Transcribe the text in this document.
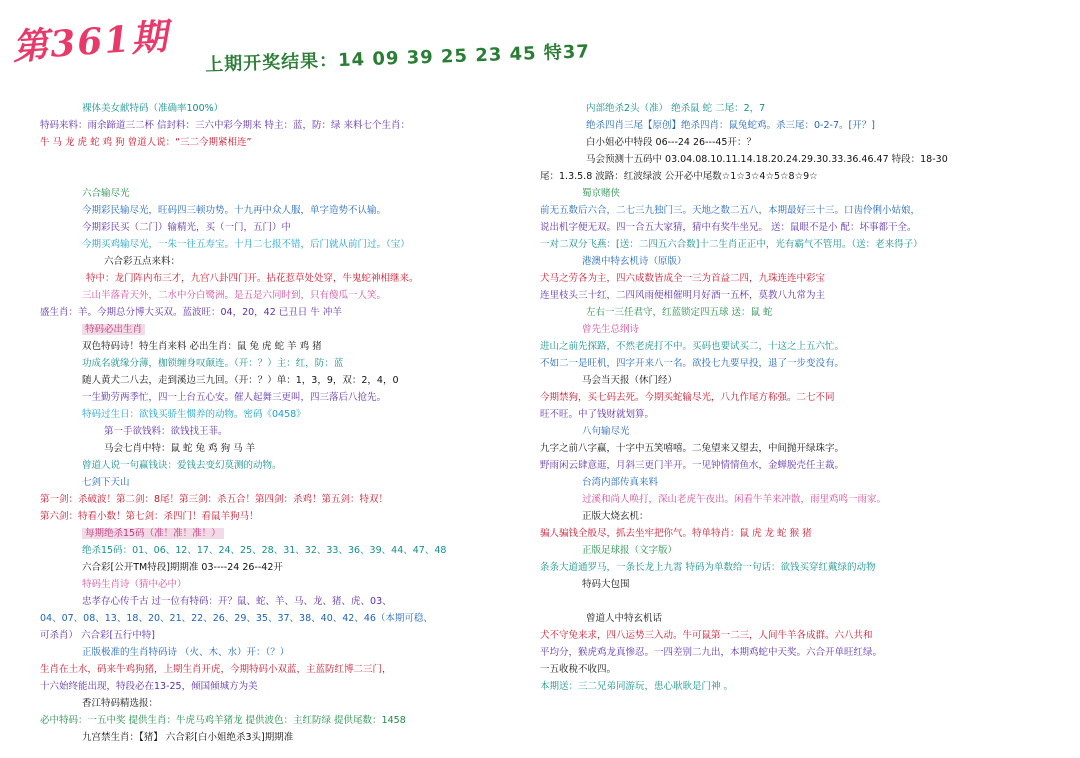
第361期 上期开奖结果：14 09 39 25 23 45 特37
裸体美女献特码（准确率100%）
特码来料：雨余蹄道三二杯 信封料：三六中彩今期来 特主：蓝，防：绿 来料七个生肖：
牛 马 龙 虎 蛇 鸡 狗 曾道人说：“三二今期紧相连”
六合输尽光
今期彩民输尽光，旺码四三顿功势。十九再中众人服，单字造势不认输。
今期彩民买（二门）输精光，买（一门，五门）中
今期买鸡输尽光，一朱一往五寿宝。十月二七报不错，后门就从前门过。（宝）
六合彩五点来料：
特中：龙门阵内布三才，九宫八卦四门开。拈花惹草处处穿，牛鬼蛇神相继来。
三山半落青天外，二水中分白鹭洲。是五是六同时到，只有傻瓜一人笑。
盛生肖：羊。今期总分博大买双。蓝波旺：04，20，42 已丑日 牛 冲羊
特码必出生肖
双色特码诗！特生肖来料 必出生肖：鼠 兔 虎 蛇 羊 鸡 猪
功成名就缘分薄，枷锁缠身叹颠连。（开：？）主：红，防：蓝
随人黄犬二八去，走到溪边三九回。（开：？）单：1，3，9，双：2，4，0
一生勤劳两季忙，四一上台五心安。催人起舞三更叫，四三落后八抢先。
特码过生日：欲钱买骄生惯养的动物。密码《0458》
第一手欲钱料：欲钱找王菲。
马会七肖中特：鼠 蛇 兔 鸡 狗 马 羊
曾道人说一句赢钱诀：爱钱去变幻莫测的动物。
七剑下天山
第一剑：杀破波！第二剑：8尾！第三剑：杀五合！第四剑：杀鸡！第五剑：特双！
第六剑：特看小数！第七剑：杀四门！看鼠羊狗马！
每期绝杀15码（准！准！准！）
绝杀15码：01、06、12、17、24、25、28、31、32、33、36、39、44、47、48
六合彩[公开TM特段]期期准 03----24 26--42开
特码生肖诗（猜中必中）
忠孝存心传千古 过一位有特码：开？鼠、蛇、羊、马、龙、猪、虎、03、
04、07、08、13、18、20、21、22、26、29、35、37、38、40、42、46（本期可稳、
可杀肖） 六合彩[五行中特]
正版极准的生肖特码诗 （火、木、水）开：（？）
生肖在土水，码来牛鸡狗猪，上期生肖开虎，今期特码小双蓝，主蓝防红博二三门，
十六始终能出现，特段必在13-25，倾国倾城方为美
香江特码精选报：
必中特码：一五中奖 提供生肖：牛虎马鸡羊猪龙 提供波色：主红防绿 提供尾数：1458
九宫禁生肖：【猪】 六合彩[白小姐绝杀3头]期期准
内部绝杀2头（准） 绝杀鼠 蛇 二尾：2，7
绝杀四肖三尾【原创】绝杀四肖：鼠兔蛇鸡。杀三尾：0-2-7。[开？]
白小姐必中特段 06---24 26---45开：？
马会预测十五码中 03.04.08.10.11.14.18.20.24.29.30.33.36.46.47 特段：18-30
尾：1.3.5.8 波路：红波绿波 公开必中尾数☆1☆3☆4☆5☆8☆9☆
蜀京赌侠
前无五数后六合，二七三九独门三。天地之数二五八，本期最好三十三。口齿伶俐小姑娘，
说出机字便无双。四一合五大家猜，猜中有奖牛坐兄。 送：鼠眼不是小 配：坏事都干全。
一对二双分飞燕：[送：二四五六合数]十二生肖正正中，光有霸气不管用。（送：老来得子）
港澳中特玄机诗（原版）
犬马之劳各为主，四六成数皆成全一三为首益二四，九珠连连中彩宝
连里枝头三十红，二四风雨便相催明月好酒一五杯，莫教八九常为主
左右一三任君守，红蓝锁定四五球 送：鼠 蛇
曾先生总纲诗
进山之前先探路，不然老虎打不中。买码也要试买二，十这之上五六忙。
不如二一是旺机，四字开来八一名。欲投七九要早投，退了一步变没有。
马会当天报（休门经）
今期禁狗，买七码去死。今期买蛇输尽光，八九作尾方称强。二七不同
旺不旺。中了钱财就划算。
八句输尽光
九字之前八字赢，十字中五笑嘻嘻。二兔望来又望去，中间抛开绿珠字。
野雨闲云肆意逛，月斜三更门半开。一见钟情情鱼水，金蝉脱壳任主裁。
台湾内部传真来料
过溪和尚人唤打，深山老虎午夜出。闲看牛羊来冲散，雨里鸡鸣一雨家。
正版大烧玄机：
骗人骗钱全般尽，抓去坐牢把你气。特单特肖：鼠 虎 龙 蛇 猴 猪
正版足球报（文字版）
条条大道通罗马，一条长龙上九霄 特码为单数给一句话：欲钱买穿红戴绿的动物
特码大包围
曾道人中特玄机话
犬不守兔来求，四八运势三入动。牛可鼠第一二三，人间牛羊各成群。六八共和
平均分，猴虎鸡龙真惨忍。一四差别二九出，本期鸡蛇中天奖。六合开单旺红绿。
一五收稅不收四。
本期送：三二兄弟同游玩，患心耿耿是门神 。
